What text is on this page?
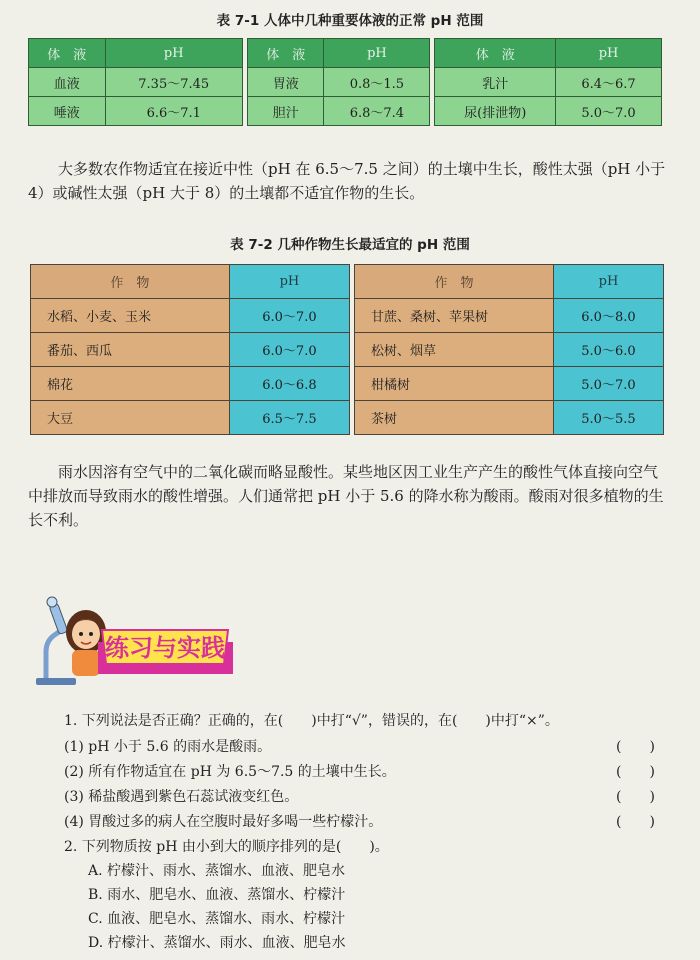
表 7-1 人体中几种重要体液的正常 pH 范围
体　液	pH		体　液	pH		体　液	pH
血液	7.35～7.45		胃液	0.8～1.5		乳汁	6.4～6.7
唾液	6.6～7.1		胆汁	6.8～7.4		尿(排泄物)	5.0～7.0
大多数农作物适宜在接近中性（pH 在 6.5～7.5 之间）的土壤中生长，酸性太强（pH 小于 4）或碱性太强（pH 大于 8）的土壤都不适宜作物的生长。
表 7-2 几种作物生长最适宜的 pH 范围
作　物	pH		作　物	pH
水稻、小麦、玉米	6.0～7.0		甘蔗、桑树、苹果树	6.0～8.0
番茄、西瓜	6.0～7.0		松树、烟草	5.0～6.0
棉花	6.0～6.8		柑橘树	5.0～7.0
大豆	6.5～7.5		茶树	5.0～5.5
雨水因溶有空气中的二氧化碳而略显酸性。某些地区因工业生产产生的酸性气体直接向空气中排放而导致雨水的酸性增强。人们通常把 pH 小于 5.6 的降水称为酸雨。酸雨对很多植物的生长不利。
练习与实践
1. 下列说法是否正确？正确的，在(　　)中打“√”，错误的，在(　　)中打“×”。
(1) pH 小于 5.6 的雨水是酸雨。	(　　)
(2) 所有作物适宜在 pH 为 6.5～7.5 的土壤中生长。	(　　)
(3) 稀盐酸遇到紫色石蕊试液变红色。	(　　)
(4) 胃酸过多的病人在空腹时最好多喝一些柠檬汁。	(　　)
2. 下列物质按 pH 由小到大的顺序排列的是(　　)。
A. 柠檬汁、雨水、蒸馏水、血液、肥皂水
B. 雨水、肥皂水、血液、蒸馏水、柠檬汁
C. 血液、肥皂水、蒸馏水、雨水、柠檬汁
D. 柠檬汁、蒸馏水、雨水、血液、肥皂水
